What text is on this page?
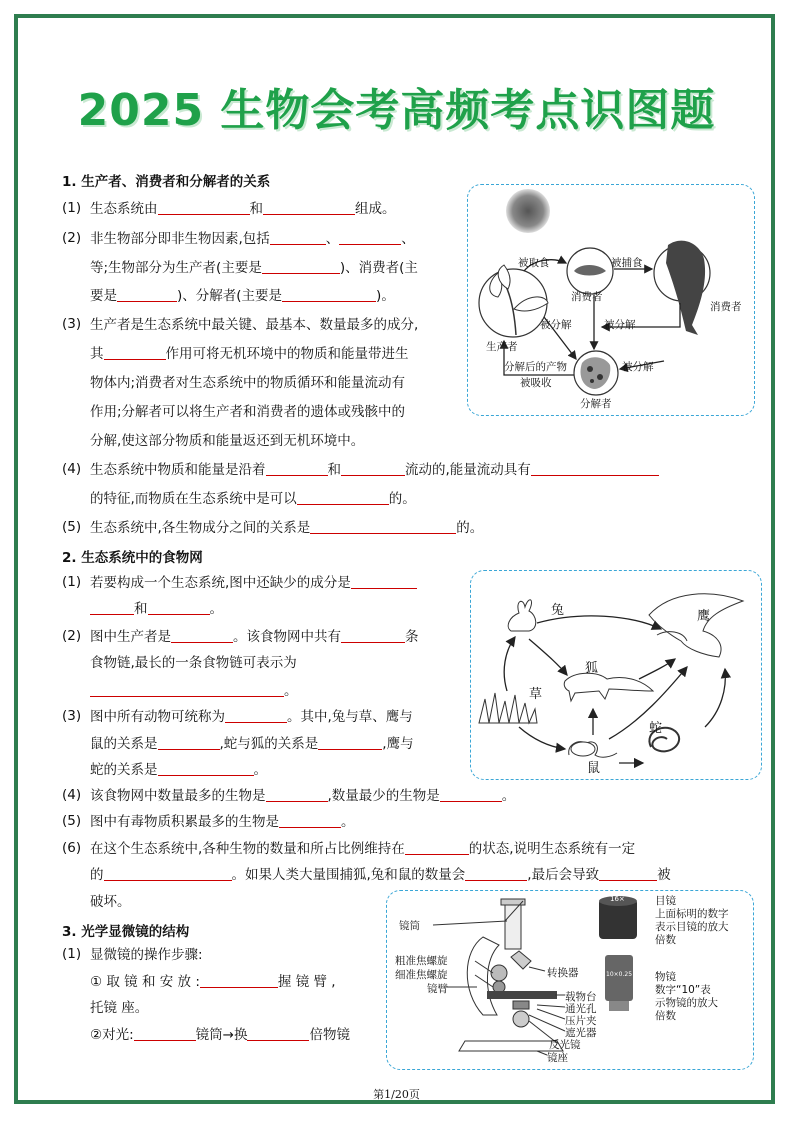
2025 生物会考高频考点识图题
1. 生产者、消费者和分解者的关系
(1) 生态系统由	和	组成。
(2) 非生物部分即非生物因素,包括	、	、
等;生物部分为生产者(主要是	)、消费者(主
要是	)、分解者(主要是	)。
(3) 生产者是生态系统中最关键、最基本、数量最多的成分,
其	作用可将无机环境中的物质和能量带进生
物体内;消费者对生态系统中的物质循环和能量流动有
作用;分解者可以将生产者和消费者的遗体或残骸中的
分解,使这部分物质和能量返还到无机环境中。
(4) 生态系统中物质和能量是沿着	和	流动的,能量流动具有
的特征,而物质在生态系统中是可以	的。
(5) 生态系统中,各生物成分之间的关系是	的。
被取食	被捕食
消费者
消费者
被分解	被分解
生产者
分解后的产物	被分解
被吸收
分解者
2. 生态系统中的食物网
(1) 若要构成一个生态系统,图中还缺少的成分是
和	。
(2) 图中生产者是	。该食物网中共有	条
食物链,最长的一条食物链可表示为
。
(3) 图中所有动物可统称为	。其中,兔与草、鹰与
鼠的关系是	,蛇与狐的关系是	,鹰与
蛇的关系是	。
(4) 该食物网中数量最多的生物是	,数量最少的生物是	。
(5) 图中有毒物质积累最多的生物是	。
(6) 在这个生态系统中,各种生物的数量和所占比例维持在	的状态,说明生态系统有一定
的	。如果人类大量围捕狐,兔和鼠的数量会	,最后会导致	被
破坏。
兔	鹰
狐
草
蛇
鼠
3. 光学显微镜的结构
(1) 显微镜的操作步骤:
① 取 镜 和 安 放 :	握 镜 臂 ,
托镜 座。
②对光:	镜筒→换	倍物镜
镜筒
粗准焦螺旋
细准焦螺旋
镜臂
转换器
载物台
通光孔
压片夹
遮光器
反光镜
镜座
16×
10×0.25
目镜
上面标明的数字
表示目镜的放大
倍数
物镜
数字“10”表
示物镜的放大
倍数
第1/20页
